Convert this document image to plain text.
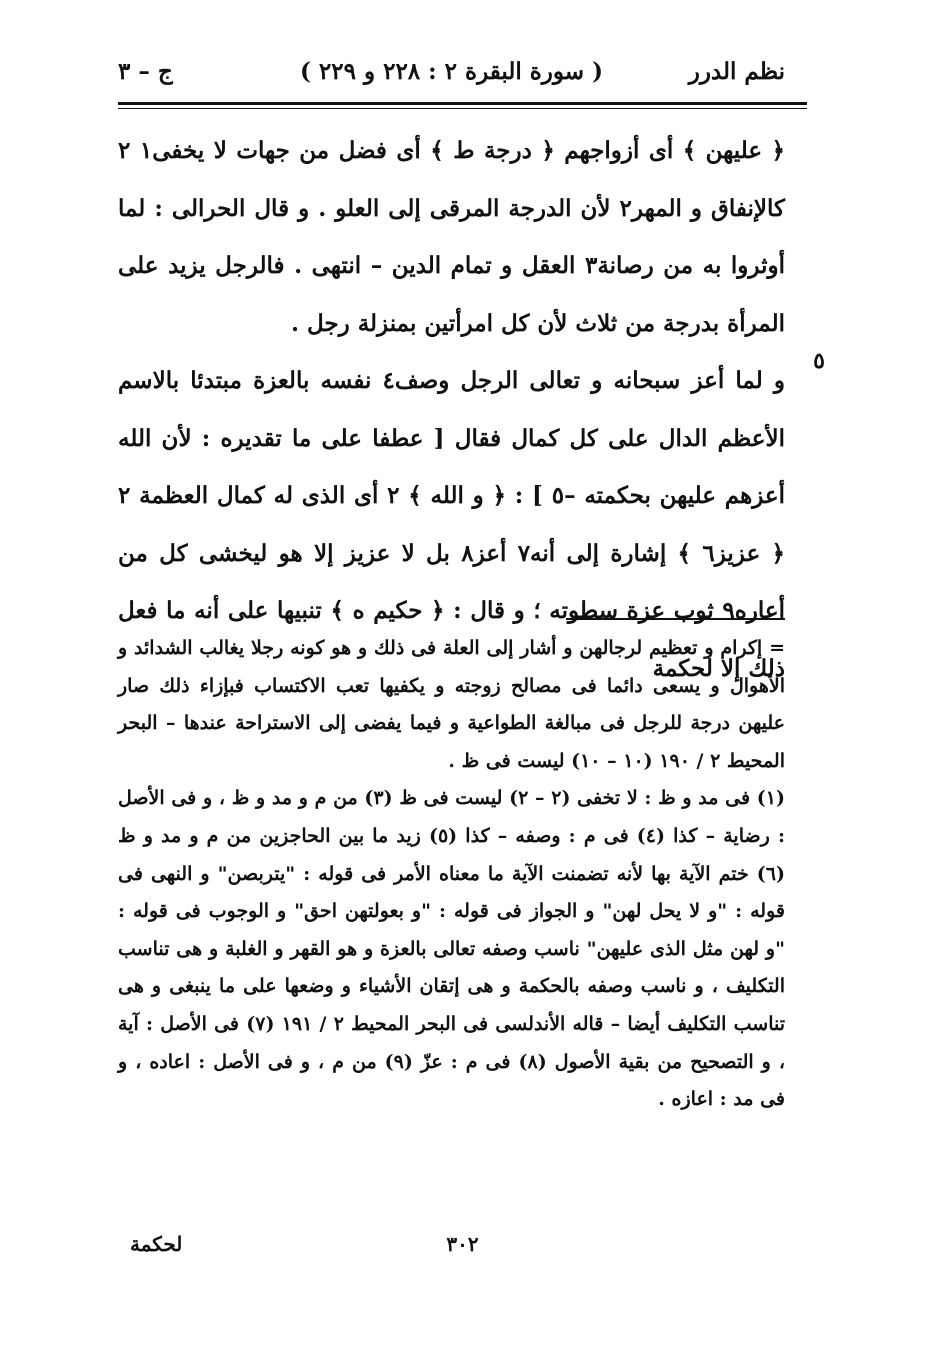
نظم الدرر
( سورة البقرة ٢ : ٢٢٨ و ٢٢٩ )
ج – ٣

﴿ عليهن ﴾ أى أزواجهم ﴿ درجة ط ﴾ أى فضل من جهات لا يخفى١ ٢ كالإنفاق و المهر٢ لأن الدرجة المرقى إلى العلو . و قال الحرالى : لما أوثروا به من رصانة٣ العقل و تمام الدين – انتهى . فالرجل يزيد على المرأة بدرجة من ثلاث لأن كل امرأتين بمنزلة رجل .

و لما أعز سبحانه و تعالى الرجل وصف٤ نفسه بالعزة مبتدئا بالاسم الأعظم الدال على كل كمال فقال [ عطفا على ما تقديره : لأن الله أعزهم عليهن بحكمته –٥ ] : ﴿ و الله ﴾ ٢ أى الذى له كمال العظمة ٢ ﴿ عزيز٦ ﴾ إشارة إلى أنه٧ أعز٨ بل لا عزيز إلا هو ليخشى كل من أعاره٩ ثوب عزة سطوته ؛ و قال : ﴿ حكيم ه ﴾ تنبيها على أنه ما فعل ذلك إلا لحكمة

٥

= إكرام و تعظيم لرجالهن و أشار إلى العلة فى ذلك و هو كونه رجلا يغالب الشدائد و الأهوال و يسعى دائما فى مصالح زوجته و يكفيها تعب الاكتساب فبإزاء ذلك صار عليهن درجة للرجل فى مبالغة الطواعية و فيما يفضى إلى الاستراحة عندها – البحر المحيط ٢ / ١٩٠ (١٠ – ١٠) ليست فى ظ .

(١) فى مد و ظ : لا تخفى (٢ – ٢) ليست فى ظ (٣) من م و مد و ظ ، و فى الأصل : رضاية – كذا (٤) فى م : وصفه – كذا (٥) زيد ما بين الحاجزين من م و مد و ظ (٦) ختم الآية بها لأنه تضمنت الآية ما معناه الأمر فى قوله : "يتربصن" و النهى فى قوله : "و لا يحل لهن" و الجواز فى قوله : "و بعولتهن احق" و الوجوب فى قوله : "و لهن مثل الذى عليهن" ناسب وصفه تعالى بالعزة و هو القهر و الغلبة و هى تناسب التكليف ، و ناسب وصفه بالحكمة و هى إتقان الأشياء و وضعها على ما ينبغى و هى تناسب التكليف أيضا – قاله الأندلسى فى البحر المحيط ٢ / ١٩١ (٧) فى الأصل : آية ، و التصحيح من بقية الأصول (٨) فى م : عزّ (٩) من م ، و فى الأصل : اعاده ، و فى مد : اعازه .

٣٠٢
لحكمة
